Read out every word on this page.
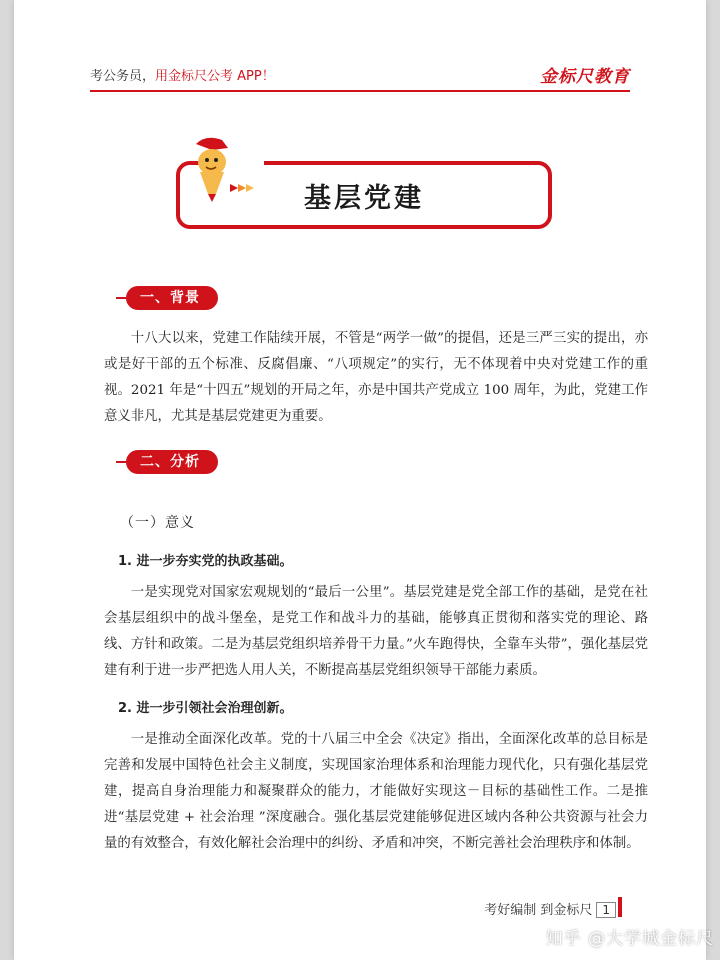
考公务员，用金标尺公考 APP！	金标尺教育
基层党建
一、背景
十八大以来，党建工作陆续开展，不管是“两学一做”的提倡，还是三严三实的提出，亦或是好干部的五个标准、反腐倡廉、“八项规定”的实行，无不体现着中央对党建工作的重视。2021 年是“十四五”规划的开局之年，亦是中国共产党成立 100 周年，为此，党建工作意义非凡，尤其是基层党建更为重要。
二、分析
（一）意义
1. 进一步夯实党的执政基础。
一是实现党对国家宏观规划的“最后一公里”。基层党建是党全部工作的基础，是党在社会基层组织中的战斗堡垒，是党工作和战斗力的基础，能够真正贯彻和落实党的理论、路线、方针和政策。二是为基层党组织培养骨干力量。”火车跑得快，全靠车头带”，强化基层党建有利于进一步严把选人用人关，不断提高基层党组织领导干部能力素质。
2. 进一步引领社会治理创新。
一是推动全面深化改革。党的十八届三中全会《决定》指出，全面深化改革的总目标是完善和发展中国特色社会主义制度，实现国家治理体系和治理能力现代化，只有强化基层党建，提高自身治理能力和凝聚群众的能力，才能做好实现这－目标的基础性工作。二是推进“基层党建 + 社会治理 ”深度融合。强化基层党建能够促进区域内各种公共资源与社会力量的有效整合，有效化解社会治理中的纠纷、矛盾和冲突，不断完善社会治理秩序和体制。
考好编制 到金标尺 1
知乎 @大学城金标尺
